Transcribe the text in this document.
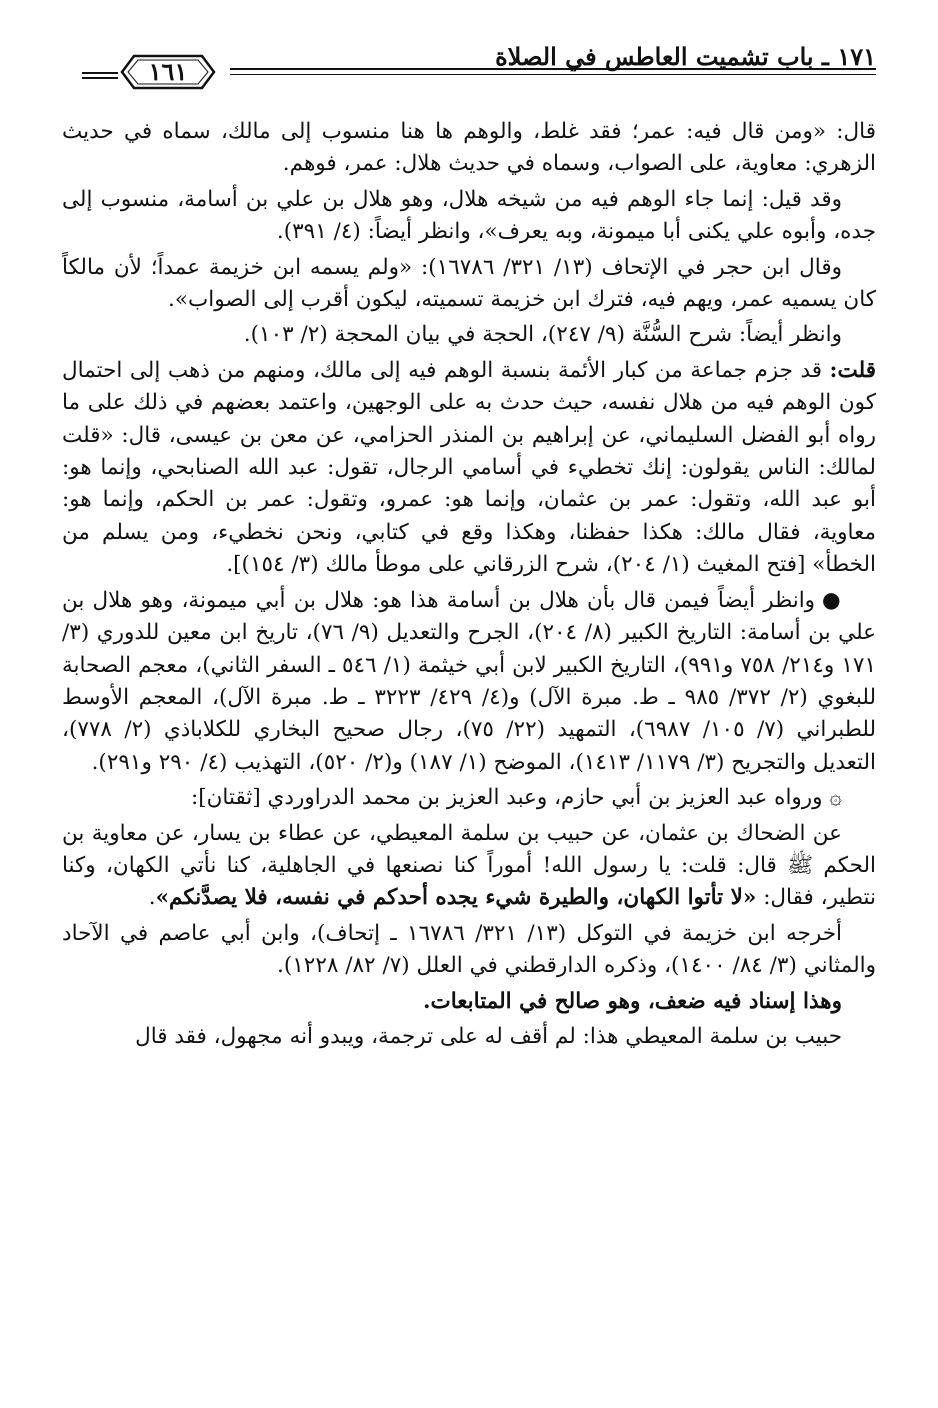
١٧١ ـ باب تشميت العاطس في الصلاة
١٦١

قال: «ومن قال فيه: عمر؛ فقد غلط، والوهم ها هنا منسوب إلى مالك، سماه في حديث الزهري: معاوية، على الصواب، وسماه في حديث هلال: عمر، فوهم.

وقد قيل: إنما جاء الوهم فيه من شيخه هلال، وهو هلال بن علي بن أسامة، منسوب إلى جده، وأبوه علي يكنى أبا ميمونة، وبه يعرف»، وانظر أيضاً: (٤/ ٣٩١).

وقال ابن حجر في الإتحاف (١٣/ ٣٢١/ ١٦٧٨٦): «ولم يسمه ابن خزيمة عمداً؛ لأن مالكاً كان يسميه عمر، ويهم فيه، فترك ابن خزيمة تسميته، ليكون أقرب إلى الصواب».

وانظر أيضاً: شرح السُّنَّة (٩/ ٢٤٧)، الحجة في بيان المحجة (٢/ ١٠٣).

قلت: قد جزم جماعة من كبار الأئمة بنسبة الوهم فيه إلى مالك، ومنهم من ذهب إلى احتمال كون الوهم فيه من هلال نفسه، حيث حدث به على الوجهين، واعتمد بعضهم في ذلك على ما رواه أبو الفضل السليماني، عن إبراهيم بن المنذر الحزامي، عن معن بن عيسى، قال: «قلت لمالك: الناس يقولون: إنك تخطيء في أسامي الرجال، تقول: عبد الله الصنابحي، وإنما هو: أبو عبد الله، وتقول: عمر بن عثمان، وإنما هو: عمرو، وتقول: عمر بن الحكم، وإنما هو: معاوية، فقال مالك: هكذا حفظنا، وهكذا وقع في كتابي، ونحن نخطيء، ومن يسلم من الخطأ» [فتح المغيث (١/ ٢٠٤)، شرح الزرقاني على موطأ مالك (٣/ ١٥٤)].

● وانظر أيضاً فيمن قال بأن هلال بن أسامة هذا هو: هلال بن أبي ميمونة، وهو هلال بن علي بن أسامة: التاريخ الكبير (٨/ ٢٠٤)، الجرح والتعديل (٩/ ٧٦)، تاريخ ابن معين للدوري (٣/ ١٧١ و٢١٤/ ٧٥٨ و٩٩١)، التاريخ الكبير لابن أبي خيثمة (١/ ٥٤٦ ـ السفر الثاني)، معجم الصحابة للبغوي (٢/ ٣٧٢/ ٩٨٥ ـ ط. مبرة الآل) و(٤/ ٤٢٩/ ٣٢٢٣ ـ ط. مبرة الآل)، المعجم الأوسط للطبراني (٧/ ١٠٥/ ٦٩٨٧)، التمهيد (٢٢/ ٧٥)، رجال صحيح البخاري للكلاباذي (٢/ ٧٧٨)، التعديل والتجريح (٣/ ١١٧٩/ ١٤١٣)، الموضح (١/ ١٨٧) و(٢/ ٥٢٠)، التهذيب (٤/ ٢٩٠ و٢٩١).

۞ ورواه عبد العزيز بن أبي حازم، وعبد العزيز بن محمد الدراوردي [ثقتان]:

عن الضحاك بن عثمان، عن حبيب بن سلمة المعيطي، عن عطاء بن يسار، عن معاوية بن الحكم ﷺ قال: قلت: يا رسول الله! أموراً كنا نصنعها في الجاهلية، كنا نأتي الكهان، وكنا نتطير، فقال: «لا تأتوا الكهان، والطيرة شيء يجده أحدكم في نفسه، فلا يصدَّنكم».

أخرجه ابن خزيمة في التوكل (١٣/ ٣٢١/ ١٦٧٨٦ ـ إتحاف)، وابن أبي عاصم في الآحاد والمثاني (٣/ ٨٤/ ١٤٠٠)، وذكره الدارقطني في العلل (٧/ ٨٢/ ١٢٢٨).

وهذا إسناد فيه ضعف، وهو صالح في المتابعات.

حبيب بن سلمة المعيطي هذا: لم أقف له على ترجمة، ويبدو أنه مجهول، فقد قال
